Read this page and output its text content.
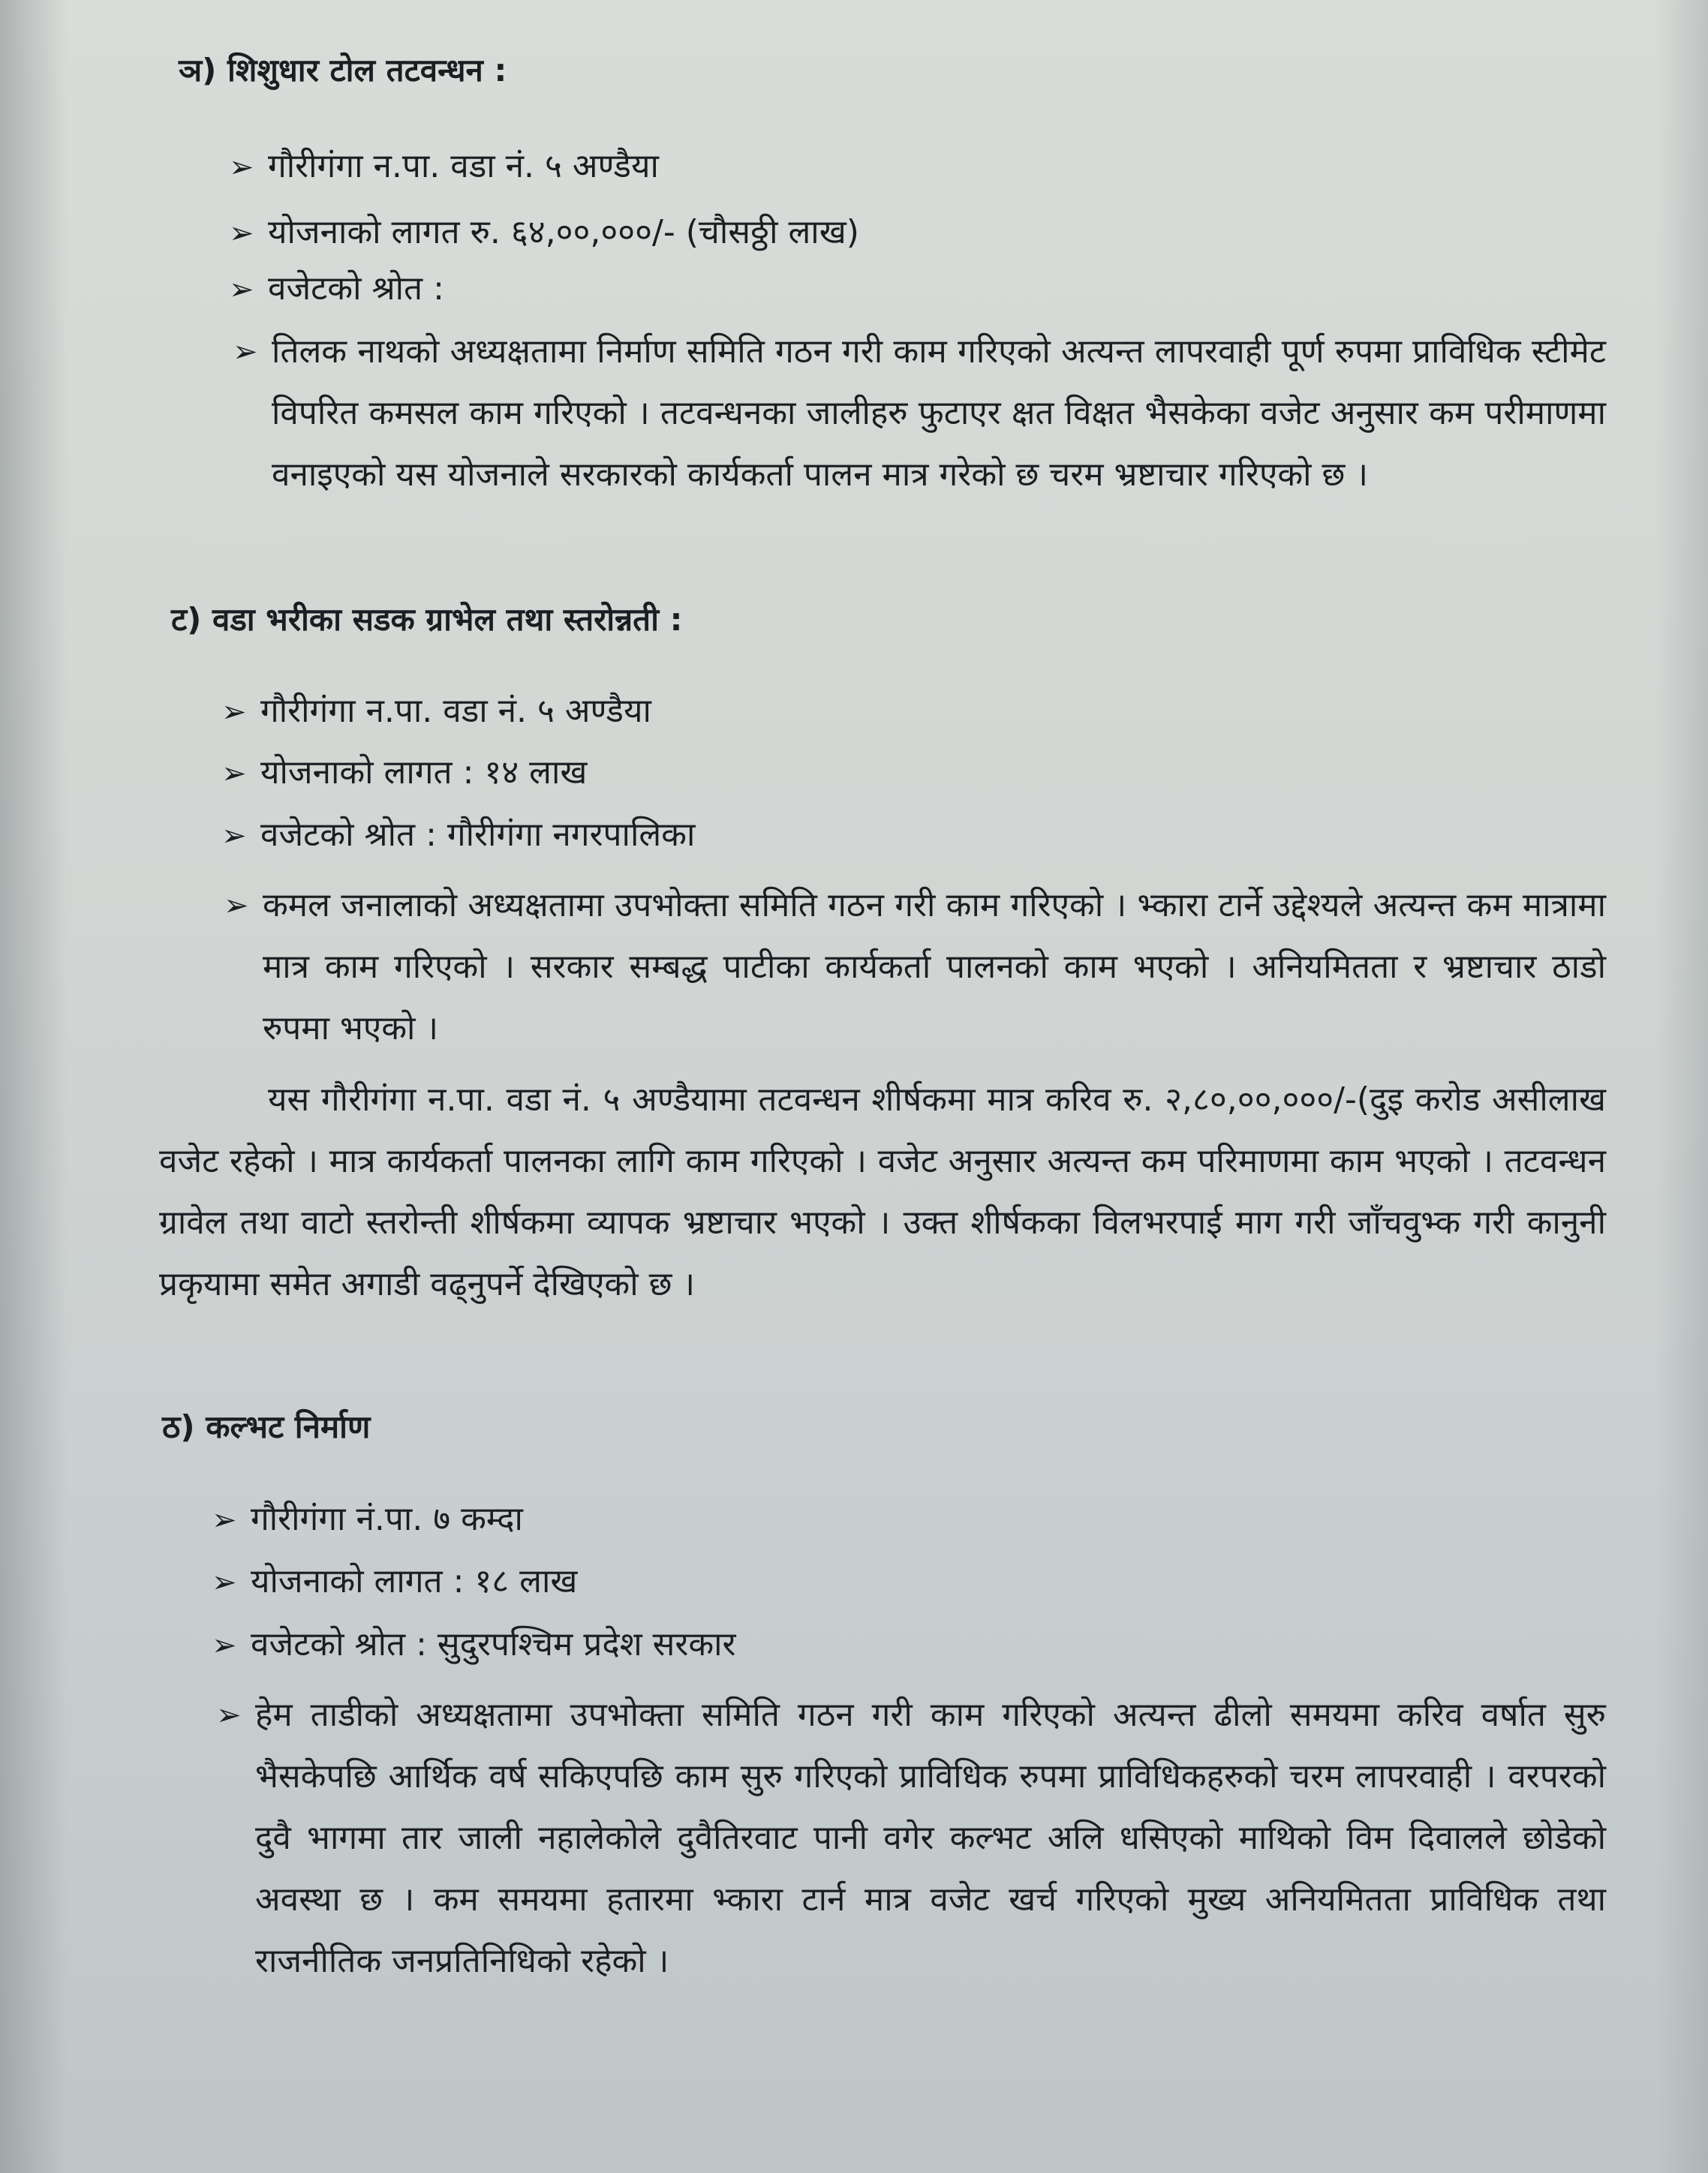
ञ) शिशुधार टोल तटवन्धन :
➢ गौरीगंगा न.पा. वडा नं. ५ अण्डैया
➢ योजनाको लागत रु. ६४,००,०००/- (चौसठ्ठी लाख)
➢ वजेटको श्रोत :
➢ तिलक नाथको अध्यक्षतामा निर्माण समिति गठन गरी काम गरिएको अत्यन्त लापरवाही पूर्ण रुपमा प्राविधिक स्टीमेट विपरित कमसल काम गरिएको । तटवन्धनका जालीहरु फुटाएर क्षत विक्षत भैसकेका वजेट अनुसार कम परीमाणमा वनाइएको यस योजनाले सरकारको कार्यकर्ता पालन मात्र गरेको छ चरम भ्रष्टाचार गरिएको छ ।
ट) वडा भरीका सडक ग्राभेल तथा स्तरोन्नती :
➢ गौरीगंगा न.पा. वडा नं. ५ अण्डैया
➢ योजनाको लागत : १४ लाख
➢ वजेटको श्रोत : गौरीगंगा नगरपालिका
➢ कमल जनालाको अध्यक्षतामा उपभोक्ता समिति गठन गरी काम गरिएको । भ्कारा टार्ने उद्देश्यले अत्यन्त कम मात्रामा मात्र काम गरिएको । सरकार सम्बद्ध पाटीका कार्यकर्ता पालनको काम भएको । अनियमितता र भ्रष्टाचार ठाडो रुपमा भएको ।
यस गौरीगंगा न.पा. वडा नं. ५ अण्डैयामा तटवन्धन शीर्षकमा मात्र करिव रु. २,८०,००,०००/-(दुइ करोड असीलाख वजेट रहेको । मात्र कार्यकर्ता पालनका लागि काम गरिएको । वजेट अनुसार अत्यन्त कम परिमाणमा काम भएको । तटवन्धन ग्रावेल तथा वाटो स्तरोन्ती शीर्षकमा व्यापक भ्रष्टाचार भएको । उक्त शीर्षकका विलभरपाई माग गरी जाँचवुभ्क गरी कानुनी प्रकृयामा समेत अगाडी वढ्नुपर्ने देखिएको छ ।
ठ) कल्भट निर्माण
➢ गौरीगंगा नं.पा. ७ कम्दा
➢ योजनाको लागत : १८ लाख
➢ वजेटको श्रोत : सुदुरपश्चिम प्रदेश सरकार
➢ हेम ताडीको अध्यक्षतामा उपभोक्ता समिति गठन गरी काम गरिएको अत्यन्त ढीलो समयमा करिव वर्षात सुरु भैसकेपछि आर्थिक वर्ष सकिएपछि काम सुरु गरिएको प्राविधिक रुपमा प्राविधिकहरुको चरम लापरवाही । वरपरको दुवै भागमा तार जाली नहालेकोले दुवैतिरवाट पानी वगेर कल्भट अलि धसिएको माथिको विम दिवालले छोडेको अवस्था छ । कम समयमा हतारमा भ्कारा टार्न मात्र वजेट खर्च गरिएको मुख्य अनियमितता प्राविधिक तथा राजनीतिक जनप्रतिनिधिको रहेको ।
